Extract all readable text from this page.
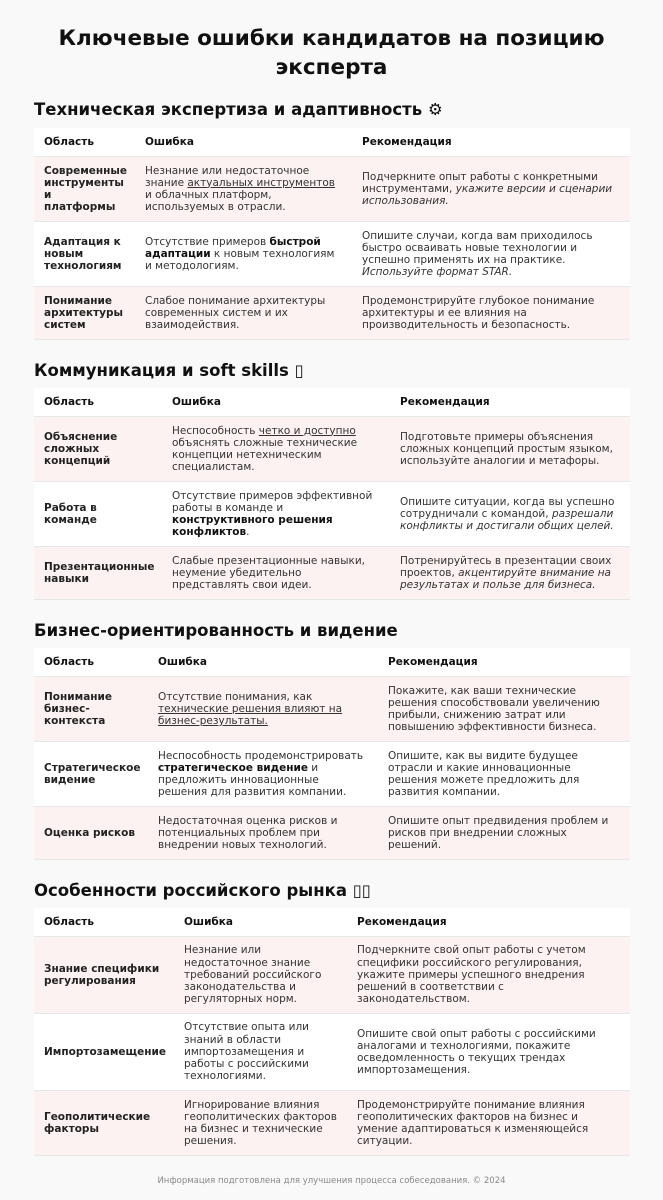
Ключевые ошибки кандидатов на позицию эксперта
Техническая экспертиза и адаптивность ⚙
Область	Ошибка	Рекомендация
Современные инструменты и платформы	Незнание или недостаточное знание актуальных инструментов и облачных платформ, используемых в отрасли.	Подчеркните опыт работы с конкретными инструментами, укажите версии и сценарии использования.
Адаптация к новым технологиям	Отсутствие примеров быстрой адаптации к новым технологиям и методологиям.	Опишите случаи, когда вам приходилось быстро осваивать новые технологии и успешно применять их на практике. Используйте формат STAR.
Понимание архитектуры систем	Слабое понимание архитектуры современных систем и их взаимодействия.	Продемонстрируйте глубокое понимание архитектуры и ее влияния на производительность и безопасность.
Коммуникация и soft skills ▯
Область	Ошибка	Рекомендация
Объяснение сложных концепций	Неспособность четко и доступно объяснять сложные технические концепции нетехническим специалистам.	Подготовьте примеры объяснения сложных концепций простым языком, используйте аналогии и метафоры.
Работа в команде	Отсутствие примеров эффективной работы в команде и конструктивного решения конфликтов.	Опишите ситуации, когда вы успешно сотрудничали с командой, разрешали конфликты и достигали общих целей.
Презентационные навыки	Слабые презентационные навыки, неумение убедительно представлять свои идеи.	Потренируйтесь в презентации своих проектов, акцентируйте внимание на результатах и пользе для бизнеса.
Бизнес-ориентированность и видение
Область	Ошибка	Рекомендация
Понимание бизнес-контекста	Отсутствие понимания, как технические решения влияют на бизнес-результаты.	Покажите, как ваши технические решения способствовали увеличению прибыли, снижению затрат или повышению эффективности бизнеса.
Стратегическое видение	Неспособность продемонстрировать стратегическое видение и предложить инновационные решения для развития компании.	Опишите, как вы видите будущее отрасли и какие инновационные решения можете предложить для развития компании.
Оценка рисков	Недостаточная оценка рисков и потенциальных проблем при внедрении новых технологий.	Опишите опыт предвидения проблем и рисков при внедрении сложных решений.
Особенности российского рынка ▯▯
Область	Ошибка	Рекомендация
Знание специфики регулирования	Незнание или недостаточное знание требований российского законодательства и регуляторных норм.	Подчеркните свой опыт работы с учетом специфики российского регулирования, укажите примеры успешного внедрения решений в соответствии с законодательством.
Импортозамещение	Отсутствие опыта или знаний в области импортозамещения и работы с российскими технологиями.	Опишите свой опыт работы с российскими аналогами и технологиями, покажите осведомленность о текущих трендах импортозамещения.
Геополитические факторы	Игнорирование влияния геополитических факторов на бизнес и технические решения.	Продемонстрируйте понимание влияния геополитических факторов на бизнес и умение адаптироваться к изменяющейся ситуации.
Информация подготовлена для улучшения процесса собеседования. © 2024
